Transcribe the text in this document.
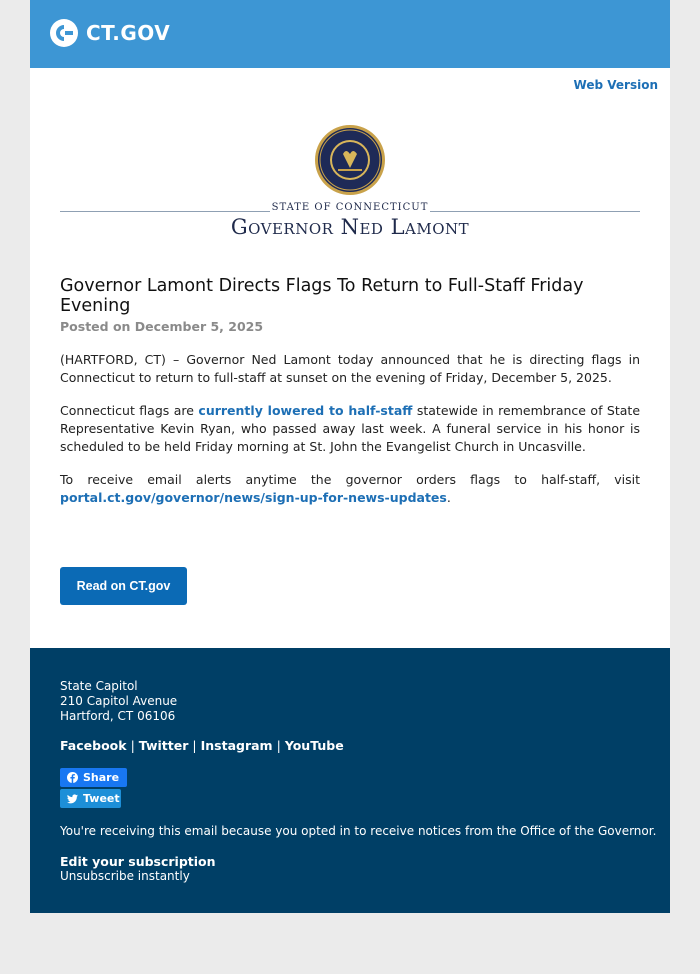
CT.GOV
Web Version
STATE OF CONNECTICUT
Governor Ned Lamont
Governor Lamont Directs Flags To Return to Full-Staff Friday Evening
Posted on December 5, 2025
(HARTFORD, CT) – Governor Ned Lamont today announced that he is directing flags in Connecticut to return to full-staff at sunset on the evening of Friday, December 5, 2025.
Connecticut flags are currently lowered to half-staff statewide in remembrance of State Representative Kevin Ryan, who passed away last week. A funeral service in his honor is scheduled to be held Friday morning at St. John the Evangelist Church in Uncasville.
To receive email alerts anytime the governor orders flags to half-staff, visit portal.ct.gov/governor/news/sign-up-for-news-updates.
Read on CT.gov
State Capitol
210 Capitol Avenue
Hartford, CT 06106
Facebook | Twitter | Instagram | YouTube
Share
Tweet
You're receiving this email because you opted in to receive notices from the Office of the Governor.
Edit your subscription
Unsubscribe instantly
